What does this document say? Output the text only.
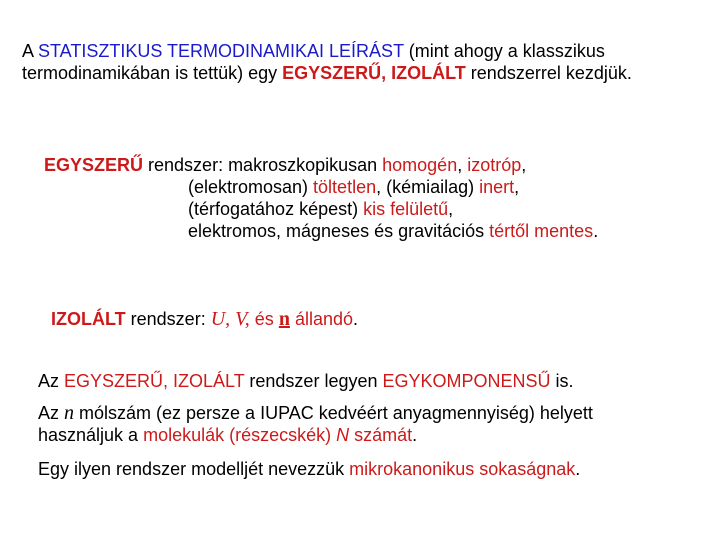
A STATISZTIKUS TERMODINAMIKAI LEÍRÁST (mint ahogy a klasszikus
termodinamikában is tettük) egy EGYSZERŰ, IZOLÁLT rendszerrel kezdjük.
EGYSZERŰ rendszer: makroszkopikusan homogén, izotróp,
(elektromosan) töltetlen, (kémiailag) inert,
(térfogatához képest) kis felületű,
elektromos, mágneses és gravitációs tértől mentes.
IZOLÁLT rendszer: U, V, és n állandó.
Az EGYSZERŰ, IZOLÁLT rendszer legyen EGYKOMPONENSŰ is.
Az n mólszám (ez persze a IUPAC kedvéért anyagmennyiség) helyett
használjuk a molekulák (részecskék) N számát.
Egy ilyen rendszer modelljét nevezzük mikrokanonikus sokaságnak.
